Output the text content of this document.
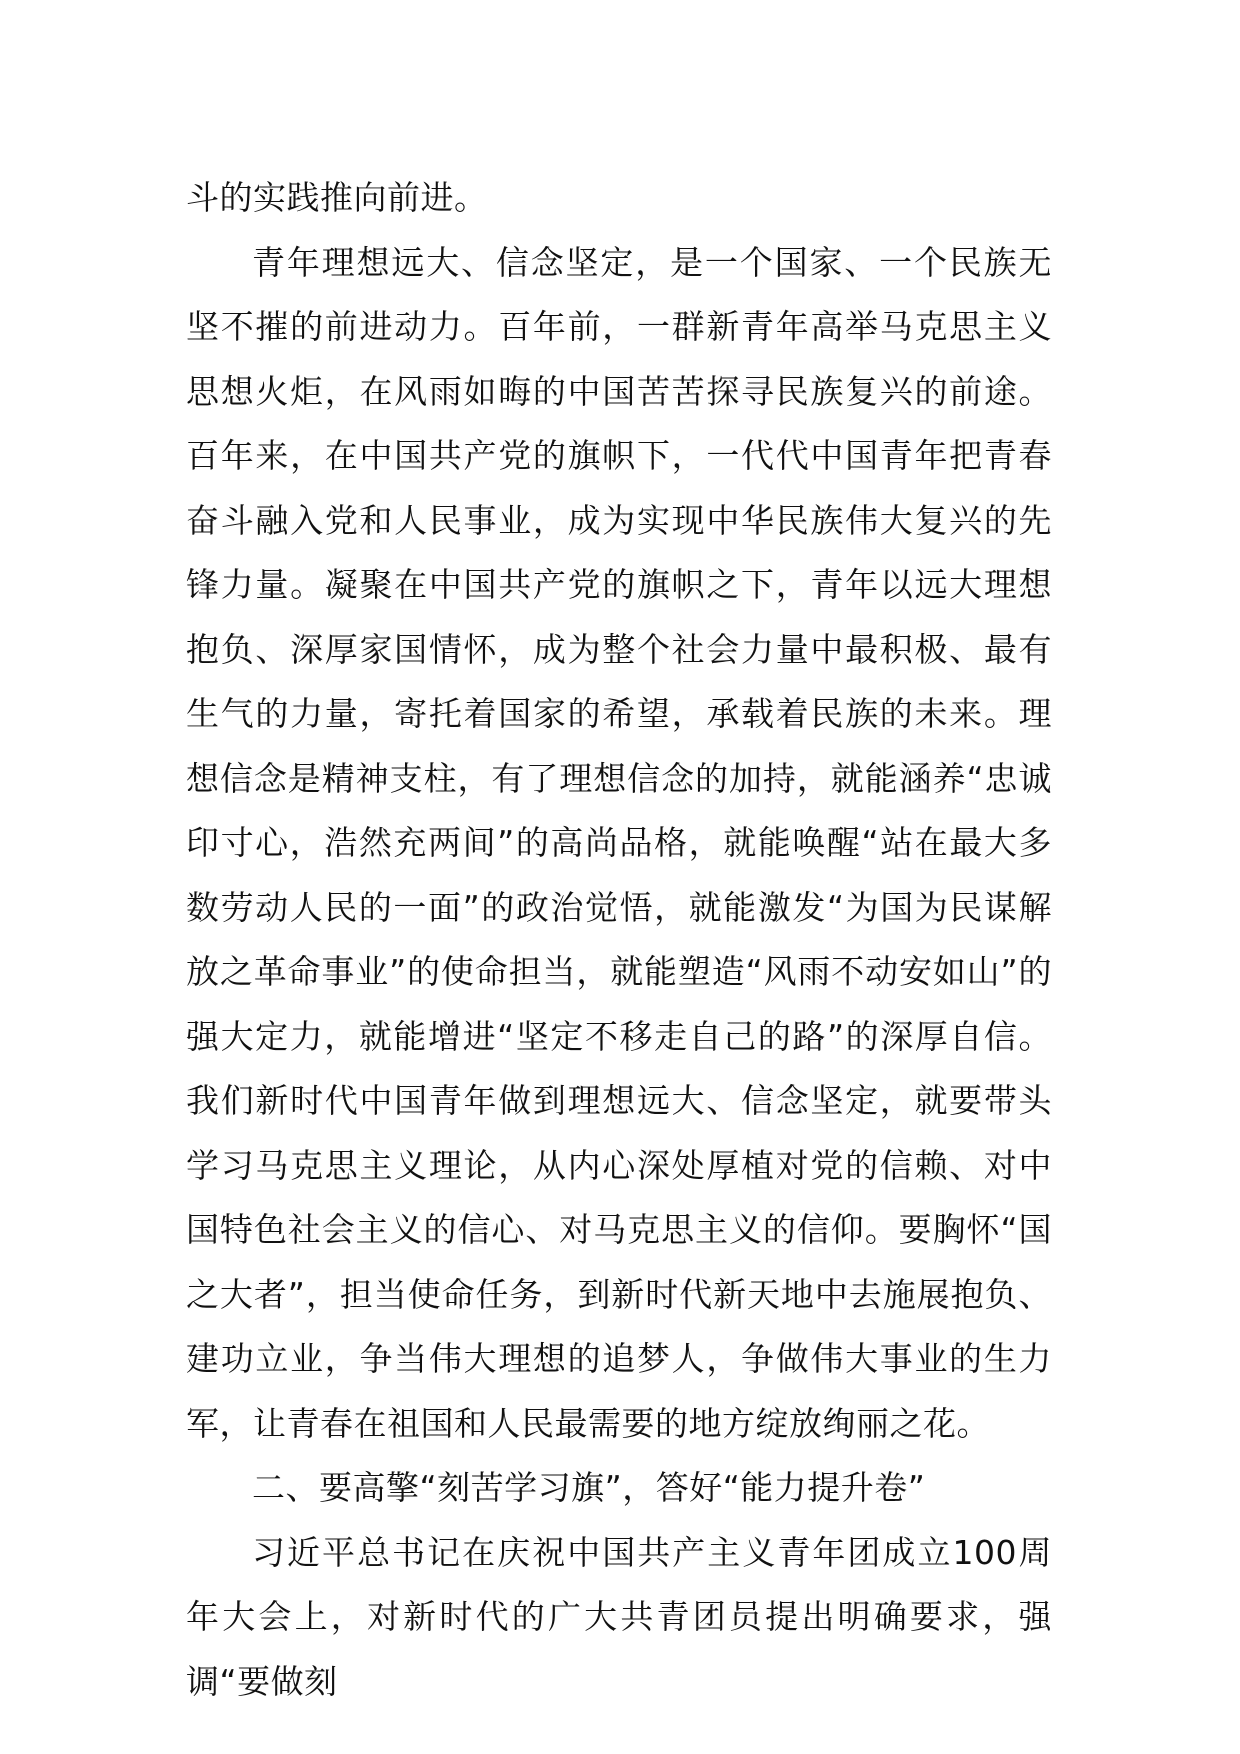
斗的实践推向前进。

青年理想远大、信念坚定，是一个国家、一个民族无坚不摧的前进动力。百年前，一群新青年高举马克思主义思想火炬，在风雨如晦的中国苦苦探寻民族复兴的前途。百年来，在中国共产党的旗帜下，一代代中国青年把青春奋斗融入党和人民事业，成为实现中华民族伟大复兴的先锋力量。凝聚在中国共产党的旗帜之下，青年以远大理想抱负、深厚家国情怀，成为整个社会力量中最积极、最有生气的力量，寄托着国家的希望，承载着民族的未来。理想信念是精神支柱，有了理想信念的加持，就能涵养“忠诚印寸心，浩然充两间”的高尚品格，就能唤醒“站在最大多数劳动人民的一面”的政治觉悟，就能激发“为国为民谋解放之革命事业”的使命担当，就能塑造“风雨不动安如山”的强大定力，就能增进“坚定不移走自己的路”的深厚自信。我们新时代中国青年做到理想远大、信念坚定，就要带头学习马克思主义理论，从内心深处厚植对党的信赖、对中国特色社会主义的信心、对马克思主义的信仰。要胸怀“国之大者”，担当使命任务，到新时代新天地中去施展抱负、建功立业，争当伟大理想的追梦人，争做伟大事业的生力军，让青春在祖国和人民最需要的地方绽放绚丽之花。

二、要高擎“刻苦学习旗”，答好“能力提升卷”

习近平总书记在庆祝中国共产主义青年团成立100周年大会上，对新时代的广大共青团员提出明确要求，强调“要做刻
